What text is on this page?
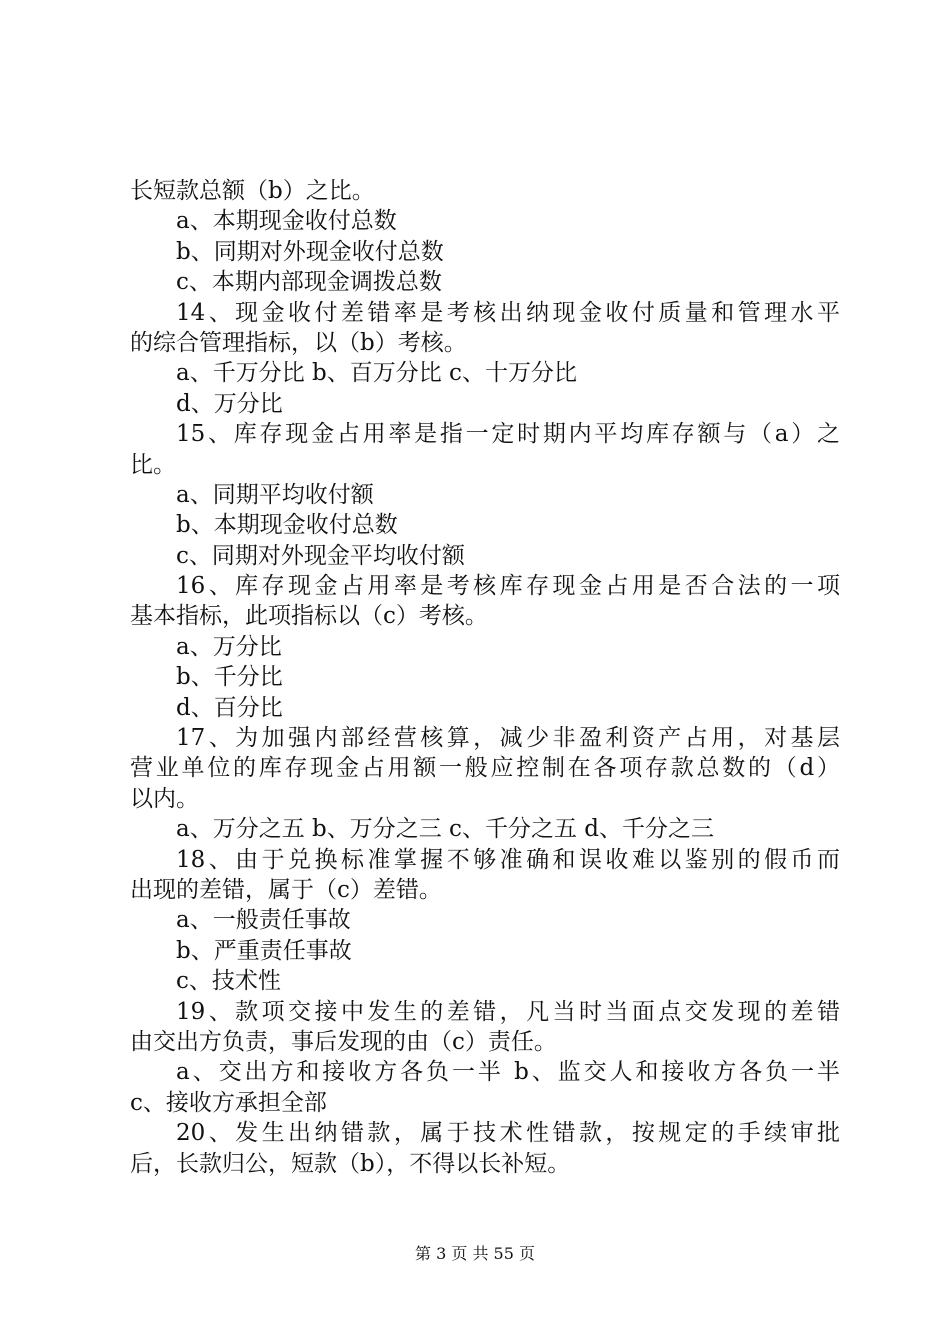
长短款总额（b）之比。
a、本期现金收付总数
b、同期对外现金收付总数
c、本期内部现金调拨总数
14、现金收付差错率是考核出纳现金收付质量和管理水平
的综合管理指标，以（b）考核。
a、千万分比 b、百万分比 c、十万分比
d、万分比
15、库存现金占用率是指一定时期内平均库存额与（a）之
比。
a、同期平均收付额
b、本期现金收付总数
c、同期对外现金平均收付额
16、库存现金占用率是考核库存现金占用是否合法的一项
基本指标，此项指标以（c）考核。
a、万分比
b、千分比
d、百分比
17、为加强内部经营核算，减少非盈利资产占用，对基层
营业单位的库存现金占用额一般应控制在各项存款总数的（d）
以内。
a、万分之五 b、万分之三 c、千分之五 d、千分之三
18、由于兑换标准掌握不够准确和误收难以鉴别的假币而
出现的差错，属于（c）差错。
a、一般责任事故
b、严重责任事故
c、技术性
19、款项交接中发生的差错，凡当时当面点交发现的差错
由交出方负责，事后发现的由（c）责任。
a、交出方和接收方各负一半 b、监交人和接收方各负一半
c、接收方承担全部
20、发生出纳错款，属于技术性错款，按规定的手续审批
后，长款归公，短款（b），不得以长补短。
第 3 页 共 55 页
